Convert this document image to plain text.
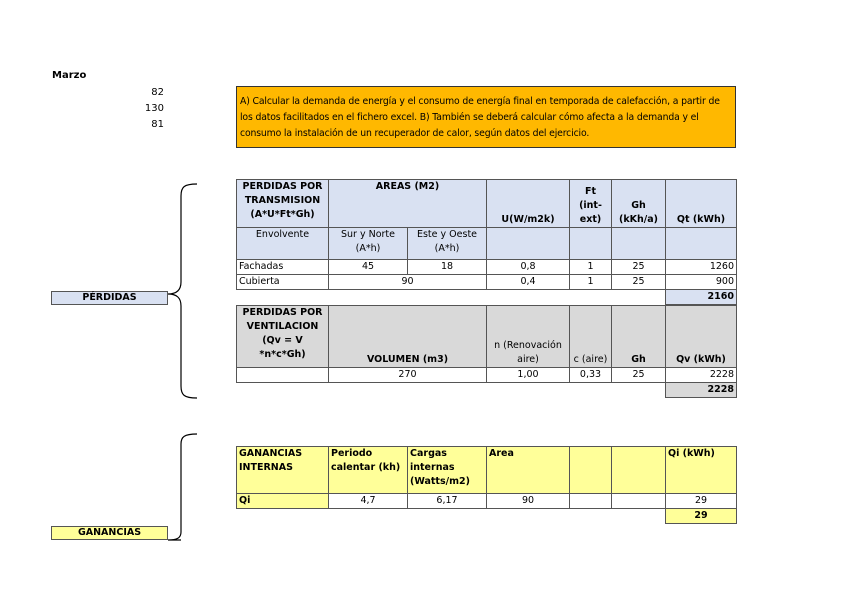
Marzo
82
130
81
A) Calcular la demanda de energía y el consumo de energía final en temporada de calefacción, a partir de los datos facilitados en el fichero excel. B) También se deberá calcular cómo afecta a la demanda y el consumo la instalación de un recuperador de calor, según datos del ejercicio.
PÉRDIDAS
GANANCIAS
PERDIDAS POR TRANSMISION (A*U*Ft*Gh)	AREAS (M2)		U(W/m2k)	Ft (int-ext)	Gh (kKh/a)	Qt (kWh)
Envolvente	Sur y Norte (A*h)	Este y Oeste (A*h)				
Fachadas	45	18	0,8	1	25	1260
Cubierta	90		0,4	1	25	900
						2160
PERDIDAS POR VENTILACION (Qv = V *n*c*Gh)	VOLUMEN (m3)		n (Renovación aire)	c (aire)	Gh	Qv (kWh)
	270		1,00	0,33	25	2228
						2228
GANANCIAS INTERNAS	Periodo calentar (kh)	Cargas internas (Watts/m2)	Area			Qi (kWh)
Qi	4,7	6,17	90			29
						29
